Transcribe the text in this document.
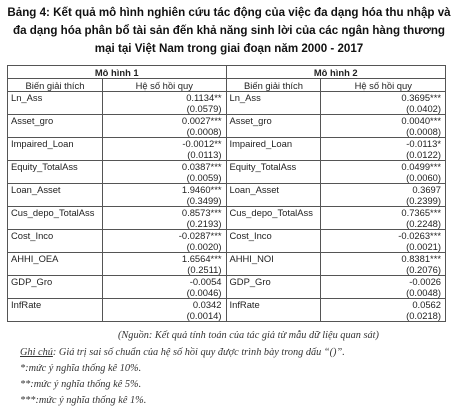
Bảng 4: Kết quả mô hình nghiên cứu tác động của việc đa dạng hóa thu nhập và đa dạng hóa phân bổ tài sản đến khả năng sinh lời của các ngân hàng thương mại tại Việt Nam trong giai đoạn năm 2000 - 2017
Mô hình 1		Mô hình 2	
Biến giải thích	Hệ số hồi quy	Biến giải thích	Hệ số hồi quy
Ln_Ass	0.1134**	Ln_Ass	0.3695***
	(0.0579)		(0.0402)
Asset_gro	0.0027***	Asset_gro	0.0040***
	(0.0008)		(0.0008)
Impaired_Loan	-0.0012**	Impaired_Loan	-0.0113*
	(0.0113)		(0.0122)
Equity_TotalAss	0.0387***	Equity_TotalAss	0.0499***
	(0.0059)		(0.0060)
Loan_Asset	1.9460***	Loan_Asset	0.3697
	(0.3499)		(0.2399)
Cus_depo_TotalAss	0.8573***	Cus_depo_TotalAss	0.7365***
	(0.2193)		(0.2248)
Cost_Inco	-0.0287***	Cost_Inco	-0.0263***
	(0.0020)		(0.0021)
AHHI_OEA	1.6564***	AHHI_NOI	0.8381***
	(0.2511)		(0.2076)
GDP_Gro	-0.0054	GDP_Gro	-0.0026
	(0.0046)		(0.0048)
InfRate	0.0342	InfRate	0.0562
	(0.0014)		(0.0218)
(Nguồn: Kết quả tính toán của tác giả từ mẫu dữ liệu quan sát)
Ghi chú: Giá trị sai số chuẩn của hệ số hồi quy được trình bày trong dấu “()”.
*:mức ý nghĩa thống kê 10%.
**:mức ý nghĩa thống kê 5%.
***:mức ý nghĩa thống kê 1%.
